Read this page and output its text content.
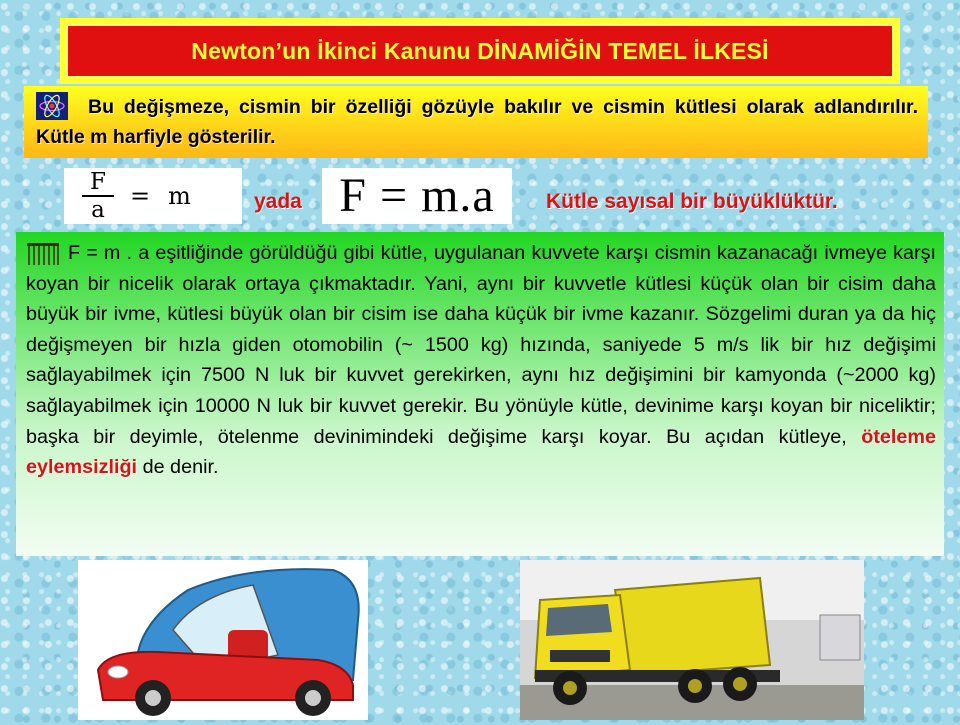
Newton’un İkinci Kanunu DİNAMİĞİN TEMEL İLKESİ
Bu değişmeze, cismin bir özelliği gözüyle bakılır ve cismin kütlesi olarak adlandırılır. Kütle m harfiyle gösterilir.
$\frac{F}{a} = m$	yada F = m.a	Kütle sayısal bir büyüklüktür.

F = m . a eşitliğinde görüldüğü gibi kütle, uygulanan kuvvete karşı cismin kazanacağı ivmeye karşı koyan bir nicelik olarak ortaya çıkmaktadır. Yani, aynı bir kuvvetle kütlesi küçük olan bir cisim daha büyük bir ivme, kütlesi büyük olan bir cisim ise daha küçük bir ivme kazanır. Sözgelimi duran ya da hiç değişmeyen bir hızla giden otomobilin (~ 1500 kg) hızında, saniyede 5 m/s lik bir hız değişimi sağlayabilmek için 7500 N luk bir kuvvet gerekirken, aynı hız değişimini bir kamyonda (~2000 kg) sağlayabilmek için 10000 N luk bir kuvvet gerekir. Bu yönüyle kütle, devinime karşı koyan bir niceliktir; başka bir deyimle, ötelenme devinimindeki değişime karşı koyar. Bu açıdan kütleye, öteleme eylemsizliği de denir.
